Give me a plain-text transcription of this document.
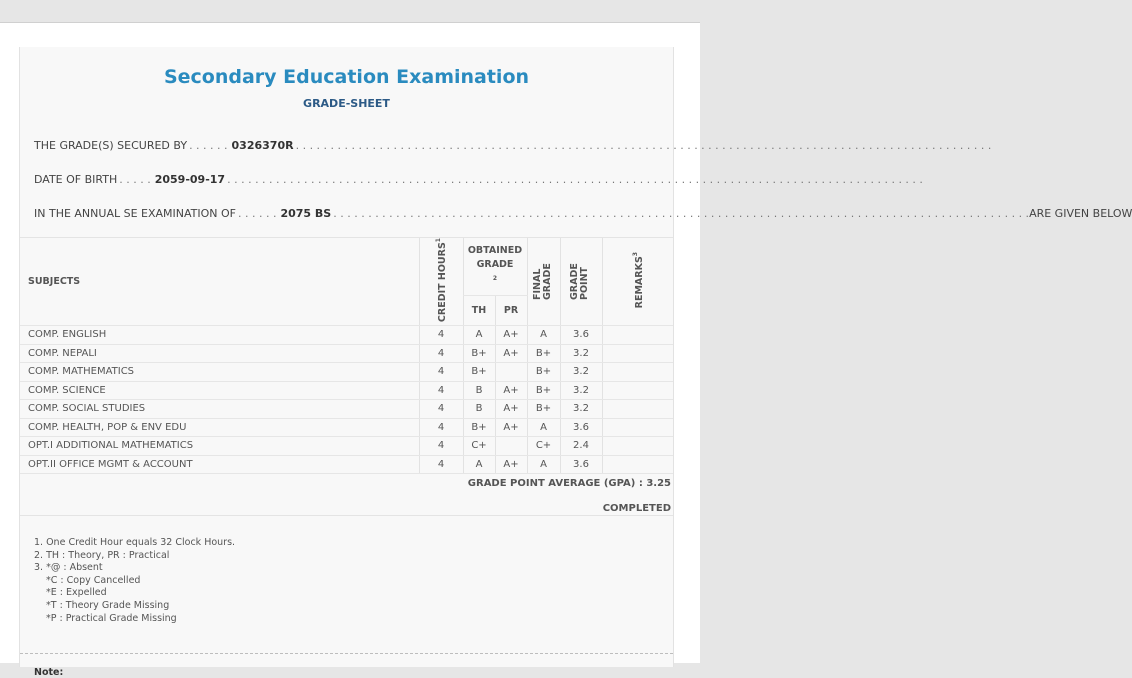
Secondary Education Examination
GRADE-SHEET
THE GRADE(S) SECURED BY . . . . . . 0326370R
. . .
DATE OF BIRTH . . . . . 2059-09-17
. . .
IN THE ANNUAL SE EXAMINATION OF . . . . . . 2075 BS . . .	ARE GIVEN BELOW
SUBJECTS	CREDIT HOURS$^1$	OBTAINED GRADE$^2$		FINAL GRADE	GRADE POINT	REMARKS$^3$
		TH	PR			
COMP. ENGLISH	4	A	A+	A	3.6	
COMP. NEPALI	4	B+	A+	B+	3.2	
COMP. MATHEMATICS	4	B+		B+	3.2	
COMP. SCIENCE	4	B	A+	B+	3.2	
COMP. SOCIAL STUDIES	4	B	A+	B+	3.2	
COMP. HEALTH, POP & ENV EDU	4	B+	A+	A	3.6	
OPT.I ADDITIONAL MATHEMATICS	4	C+		C+	2.4	
OPT.II OFFICE MGMT & ACCOUNT	4	A	A+	A	3.6	
GRADE POINT AVERAGE (GPA) : 3.25
COMPLETED
1. One Credit Hour equals 32 Clock Hours.
2. TH : Theory, PR : Practical
3. *@ : Absent
*C : Copy Cancelled
*E : Expelled
*T : Theory Grade Missing
*P : Practical Grade Missing
Note:
